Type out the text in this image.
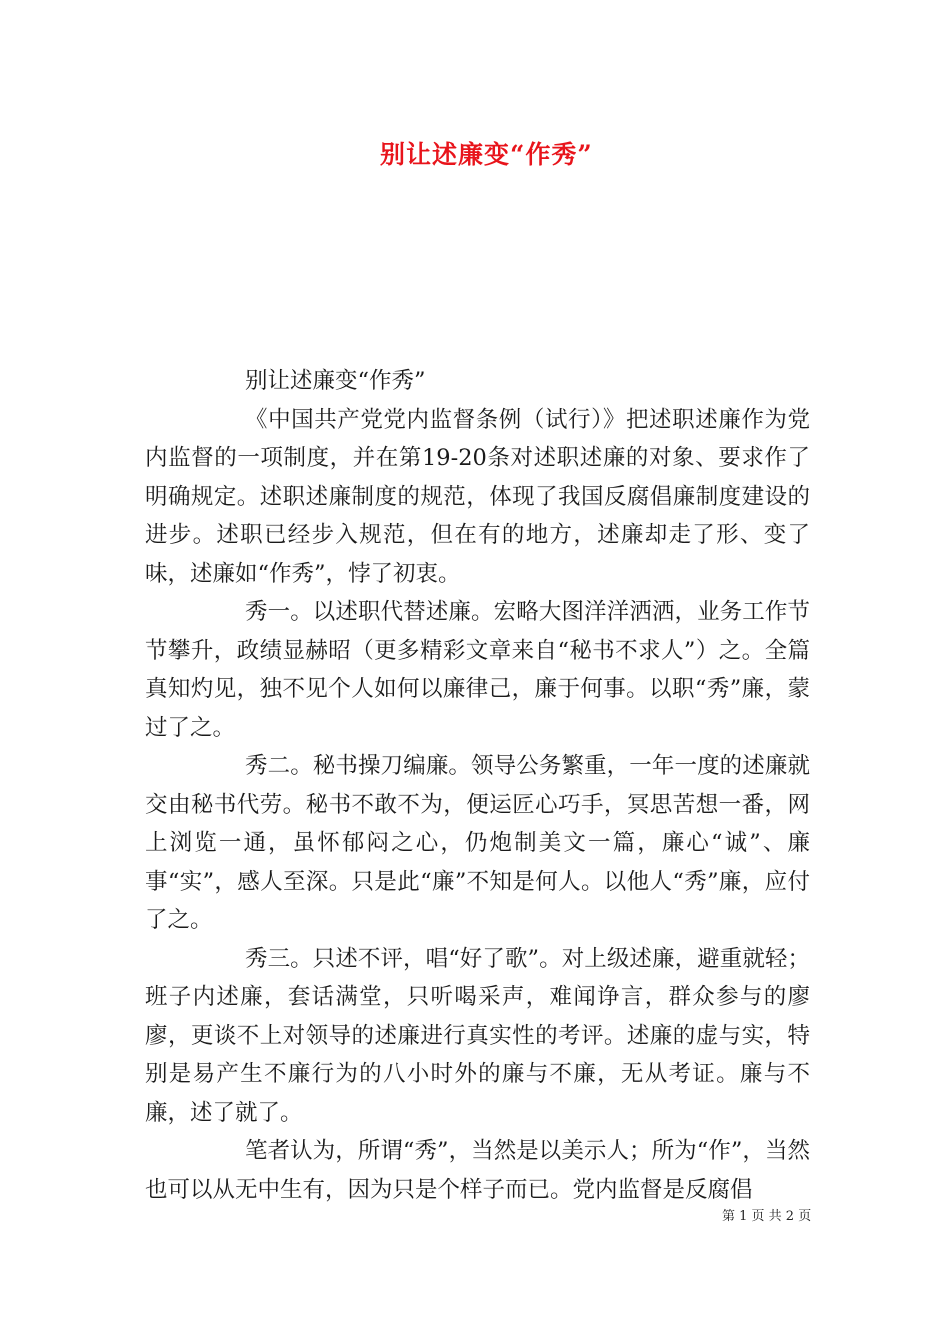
别让述廉变“作秀”

别让述廉变“作秀”

《中国共产党党内监督条例（试行）》把述职述廉作为党内监督的一项制度，并在第19-20条对述职述廉的对象、要求作了明确规定。述职述廉制度的规范，体现了我国反腐倡廉制度建设的进步。述职已经步入规范，但在有的地方，述廉却走了形、变了味，述廉如“作秀”，悖了初衷。

秀一。以述职代替述廉。宏略大图洋洋洒洒，业务工作节节攀升，政绩显赫昭（更多精彩文章来自“秘书不求人”）之。全篇真知灼见，独不见个人如何以廉律己，廉于何事。以职“秀”廉，蒙过了之。

秀二。秘书操刀编廉。领导公务繁重，一年一度的述廉就交由秘书代劳。秘书不敢不为，便运匠心巧手，冥思苦想一番，网上浏览一通，虽怀郁闷之心，仍炮制美文一篇，廉心“诚”、廉事“实”，感人至深。只是此“廉”不知是何人。以他人“秀”廉，应付了之。

秀三。只述不评，唱“好了歌”。对上级述廉，避重就轻；班子内述廉，套话满堂，只听喝采声，难闻诤言，群众参与的廖廖，更谈不上对领导的述廉进行真实性的考评。述廉的虚与实，特别是易产生不廉行为的八小时外的廉与不廉，无从考证。廉与不廉，述了就了。

笔者认为，所谓“秀”，当然是以美示人；所为“作”，当然也可以从无中生有，因为只是个样子而已。党内监督是反腐倡

第 1 页 共 2 页
